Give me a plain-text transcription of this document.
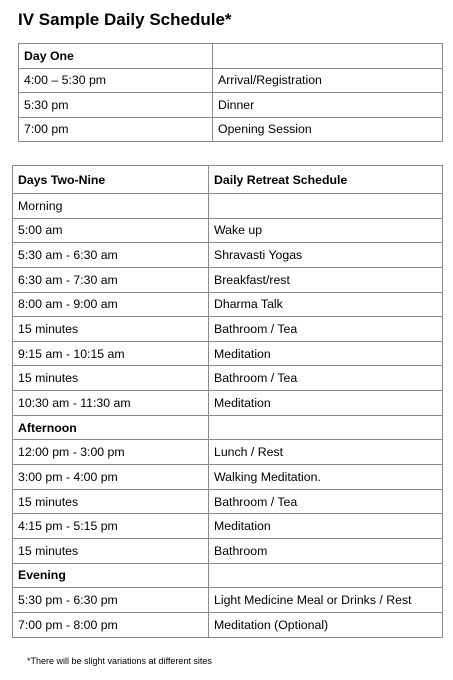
IV Sample Daily Schedule*
Day One	
4:00 – 5:30 pm	Arrival/Registration
5:30 pm	Dinner
7:00 pm	Opening Session
Days Two-Nine	Daily Retreat Schedule
Morning	
5:00 am	Wake up
5:30 am - 6:30 am	Shravasti Yogas
6:30 am - 7:30 am	Breakfast/rest
8:00 am - 9:00 am	Dharma Talk
15 minutes	Bathroom / Tea
9:15 am - 10:15 am	Meditation
15 minutes	Bathroom / Tea
10:30 am - 11:30 am	Meditation
Afternoon	
12:00 pm - 3:00 pm	Lunch / Rest
3:00 pm - 4:00 pm	Walking Meditation.
15 minutes	Bathroom / Tea
4:15 pm - 5:15 pm	Meditation
15 minutes	Bathroom
Evening	
5:30 pm - 6:30 pm	Light Medicine Meal or Drinks / Rest
7:00 pm - 8:00 pm	Meditation (Optional)
*There will be slight variations at different sites
